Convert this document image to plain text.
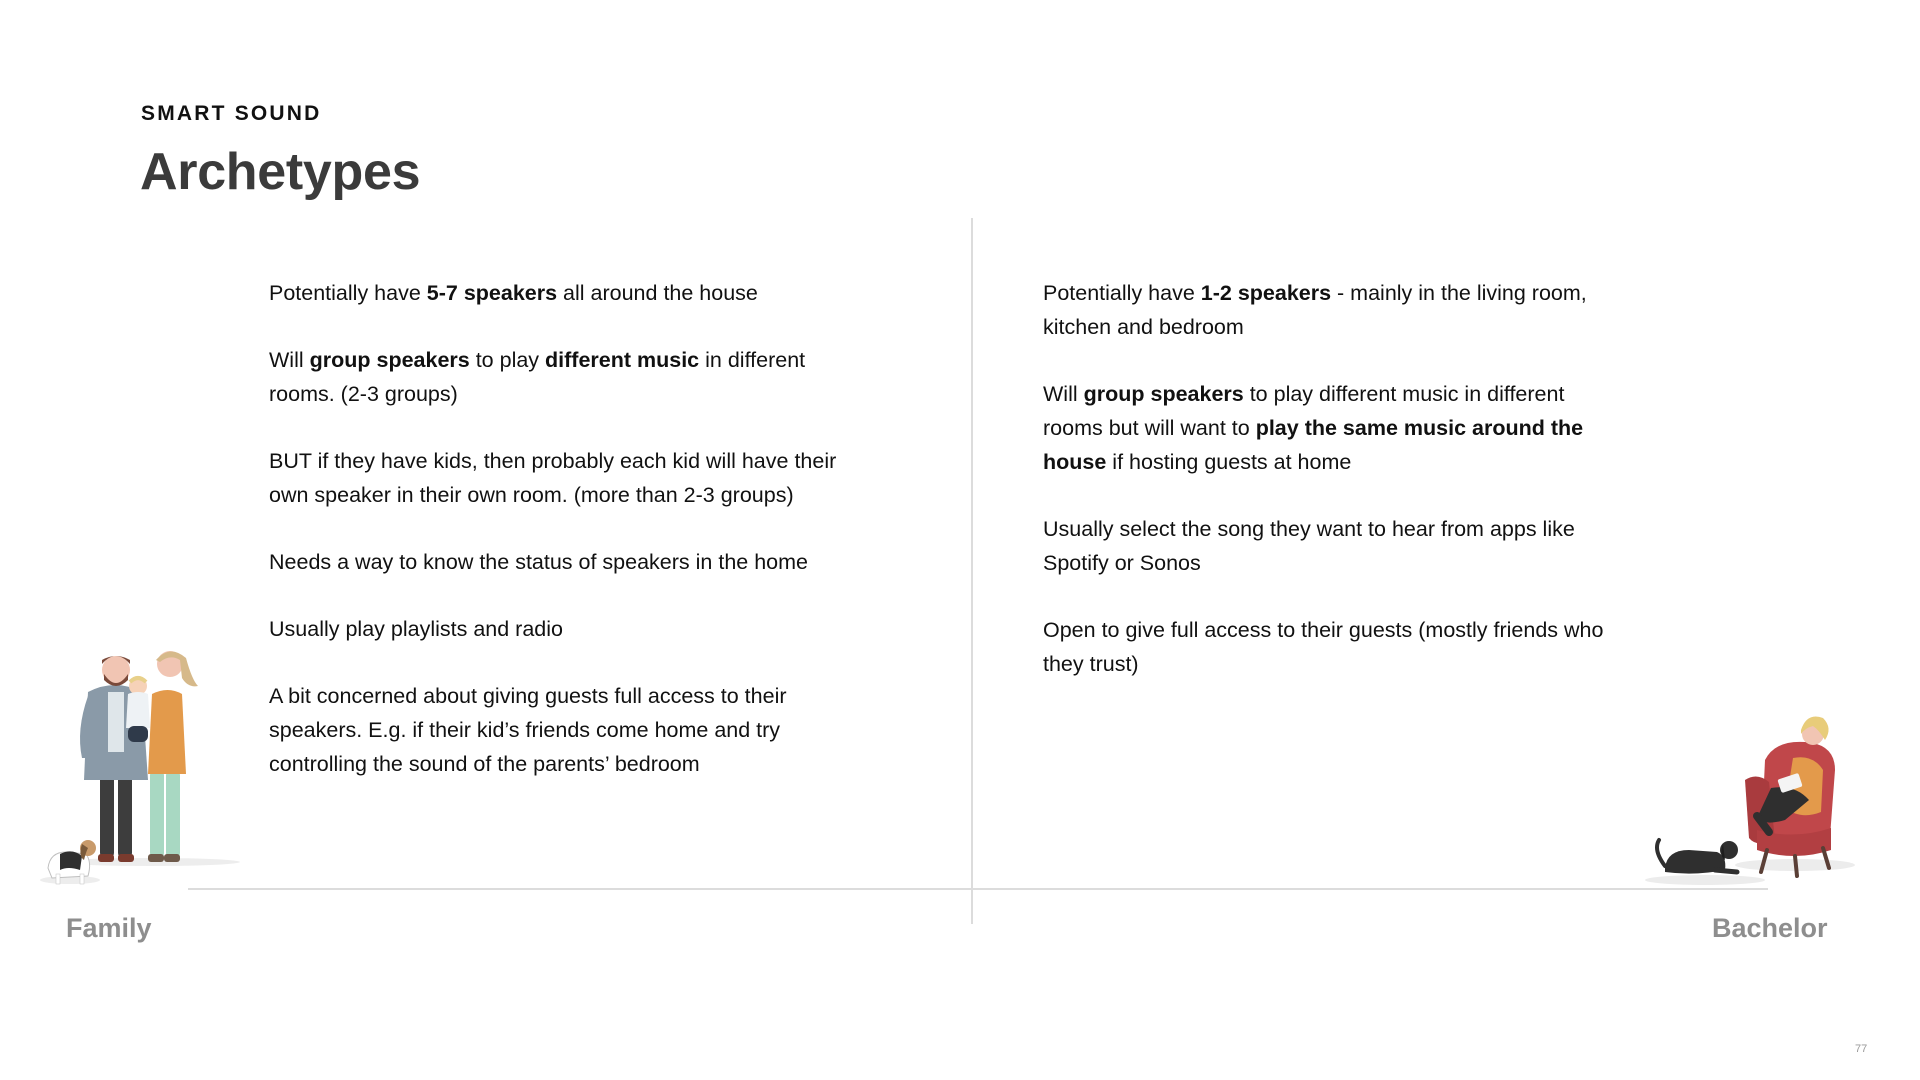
SMART SOUND
Archetypes

Potentially have 5-7 speakers all around the house

Will group speakers to play different music in different rooms. (2-3 groups)

BUT if they have kids, then probably each kid will have their own speaker in their own room. (more than 2-3 groups)

Needs a way to know the status of speakers in the home

Usually play playlists and radio

A bit concerned about giving guests full access to their speakers. E.g. if their kid’s friends come home and try controlling the sound of the parents’ bedroom

Potentially have 1-2 speakers - mainly in the living room, kitchen and bedroom

Will group speakers to play different music in different rooms but will want to play the same music around the house if hosting guests at home

Usually select the song they want to hear from apps like Spotify or Sonos

Open to give full access to their guests (mostly friends who they trust)

Family	Bachelor
77
